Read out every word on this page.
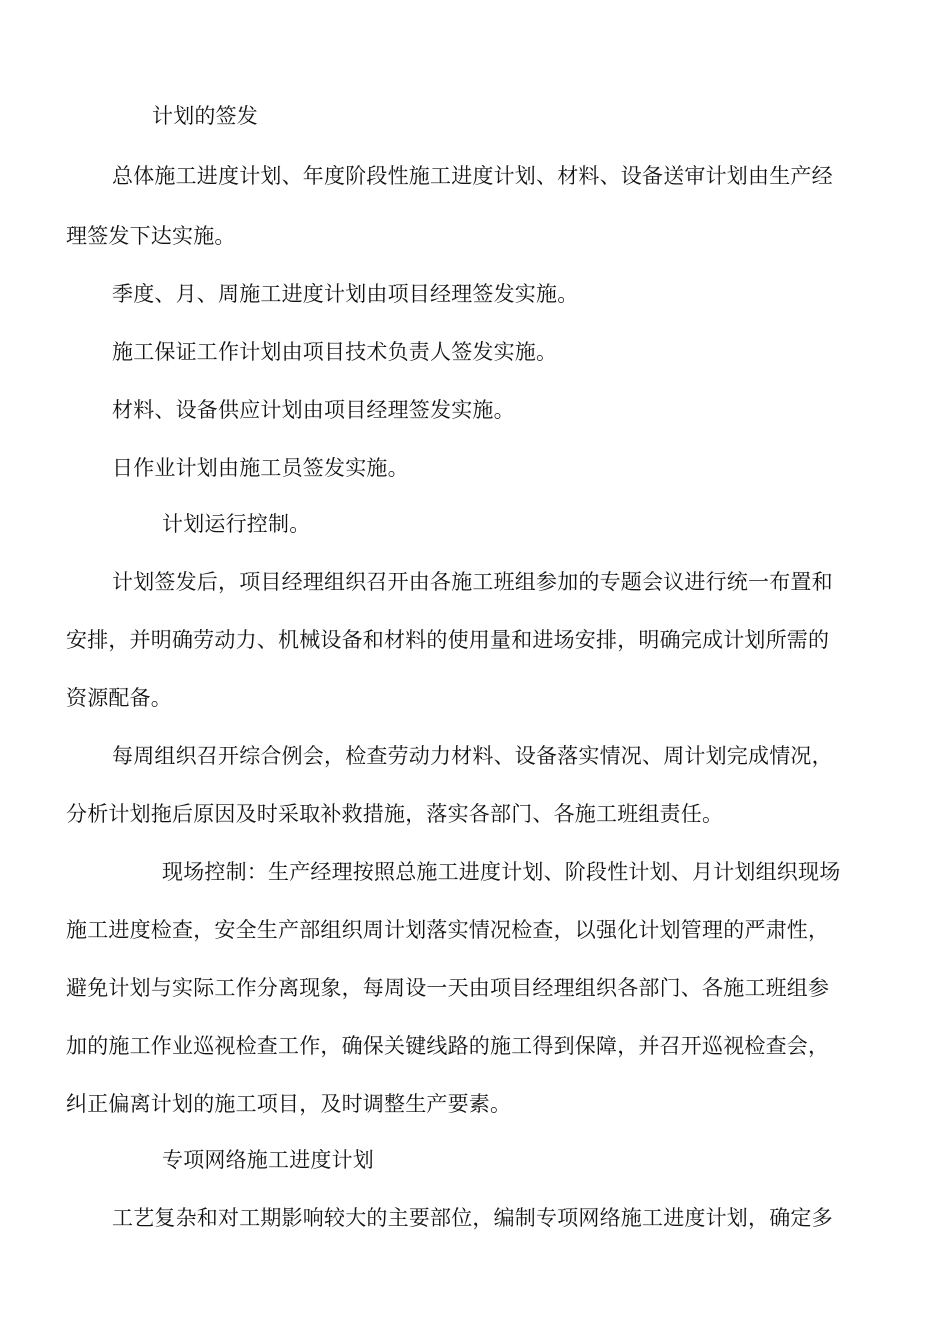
计划的签发
总体施工进度计划、年度阶段性施工进度计划、材料、设备送审计划由生产经
理签发下达实施。
季度、月、周施工进度计划由项目经理签发实施。
施工保证工作计划由项目技术负责人签发实施。
材料、设备供应计划由项目经理签发实施。
日作业计划由施工员签发实施。
计划运行控制。
计划签发后，项目经理组织召开由各施工班组参加的专题会议进行统一布置和
安排，并明确劳动力、机械设备和材料的使用量和进场安排，明确完成计划所需的
资源配备。
每周组织召开综合例会，检查劳动力材料、设备落实情况、周计划完成情况，
分析计划拖后原因及时采取补救措施，落实各部门、各施工班组责任。
现场控制：生产经理按照总施工进度计划、阶段性计划、月计划组织现场
施工进度检查，安全生产部组织周计划落实情况检查，以强化计划管理的严肃性，
避免计划与实际工作分离现象，每周设一天由项目经理组织各部门、各施工班组参
加的施工作业巡视检查工作，确保关键线路的施工得到保障，并召开巡视检查会，
纠正偏离计划的施工项目，及时调整生产要素。
专项网络施工进度计划
工艺复杂和对工期影响较大的主要部位，编制专项网络施工进度计划，确定多
